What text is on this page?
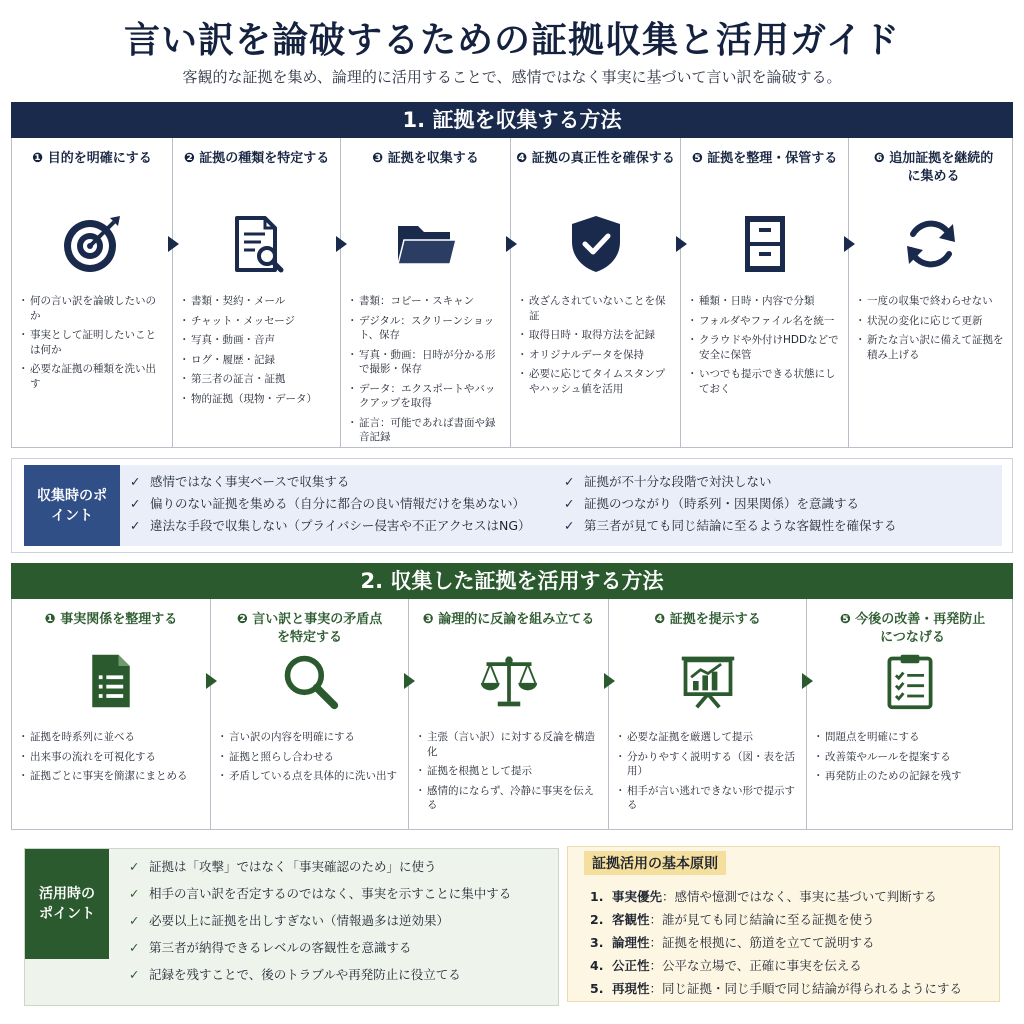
言い訳を論破するための証拠収集と活用ガイド
客観的な証拠を集め、論理的に活用することで、感情ではなく事実に基づいて言い訳を論破する。
1. 証拠を収集する方法
❶ 目的を明確にする
・ 何の言い訳を論破したいのか
・ 事実として証明したいことは何か
・ 必要な証拠の種類を洗い出す
❷ 証拠の種類を特定する
・ 書類・契約・メール
・ チャット・メッセージ
・ 写真・動画・音声
・ ログ・履歴・記録
・ 第三者の証言・証拠
・ 物的証拠（現物・データ）
❸ 証拠を収集する
・ 書類：コピー・スキャン
・ デジタル：スクリーンショット、保存
・ 写真・動画：日時が分かる形で撮影・保存
・ データ：エクスポートやバックアップを取得
・ 証言：可能であれば書面や録音記録
❹ 証拠の真正性を確保する
・ 改ざんされていないことを保証
・ 取得日時・取得方法を記録
・ オリジナルデータを保持
・ 必要に応じてタイムスタンプやハッシュ値を活用
❺ 証拠を整理・保管する
・ 種類・日時・内容で分類
・ フォルダやファイル名を統一
・ クラウドや外付けHDDなどで安全に保管
・ いつでも提示できる状態にしておく
❻ 追加証拠を継続的に集める
・ 一度の収集で終わらせない
・ 状況の変化に応じて更新
・ 新たな言い訳に備えて証拠を積み上げる
収集時のポイント
✓ 感情ではなく事実ベースで収集する
✓ 偏りのない証拠を集める（自分に都合の良い情報だけを集めない）
✓ 違法な手段で収集しない（プライバシー侵害や不正アクセスはNG）
✓ 証拠が不十分な段階で対決しない
✓ 証拠のつながり（時系列・因果関係）を意識する
✓ 第三者が見ても同じ結論に至るような客観性を確保する
2. 収集した証拠を活用する方法
❶ 事実関係を整理する
・ 証拠を時系列に並べる
・ 出来事の流れを可視化する
・ 証拠ごとに事実を簡潔にまとめる
❷ 言い訳と事実の矛盾点を特定する
・ 言い訳の内容を明確にする
・ 証拠と照らし合わせる
・ 矛盾している点を具体的に洗い出す
❸ 論理的に反論を組み立てる
・ 主張（言い訳）に対する反論を構造化
・ 証拠を根拠として提示
・ 感情的にならず、冷静に事実を伝える
❹ 証拠を提示する
・ 必要な証拠を厳選して提示
・ 分かりやすく説明する（図・表を活用）
・ 相手が言い逃れできない形で提示する
❺ 今後の改善・再発防止につなげる
・ 問題点を明確にする
・ 改善策やルールを提案する
・ 再発防止のための記録を残す
活用時のポイント
✓ 証拠は「攻撃」ではなく「事実確認のため」に使う
✓ 相手の言い訳を否定するのではなく、事実を示すことに集中する
✓ 必要以上に証拠を出しすぎない（情報過多は逆効果）
✓ 第三者が納得できるレベルの客観性を意識する
✓ 記録を残すことで、後のトラブルや再発防止に役立てる
証拠活用の基本原則
1. 事実優先：感情や憶測ではなく、事実に基づいて判断する
2. 客観性：誰が見ても同じ結論に至る証拠を使う
3. 論理性：証拠を根拠に、筋道を立てて説明する
4. 公正性：公平な立場で、正確に事実を伝える
5. 再現性：同じ証拠・同じ手順で同じ結論が得られるようにする
